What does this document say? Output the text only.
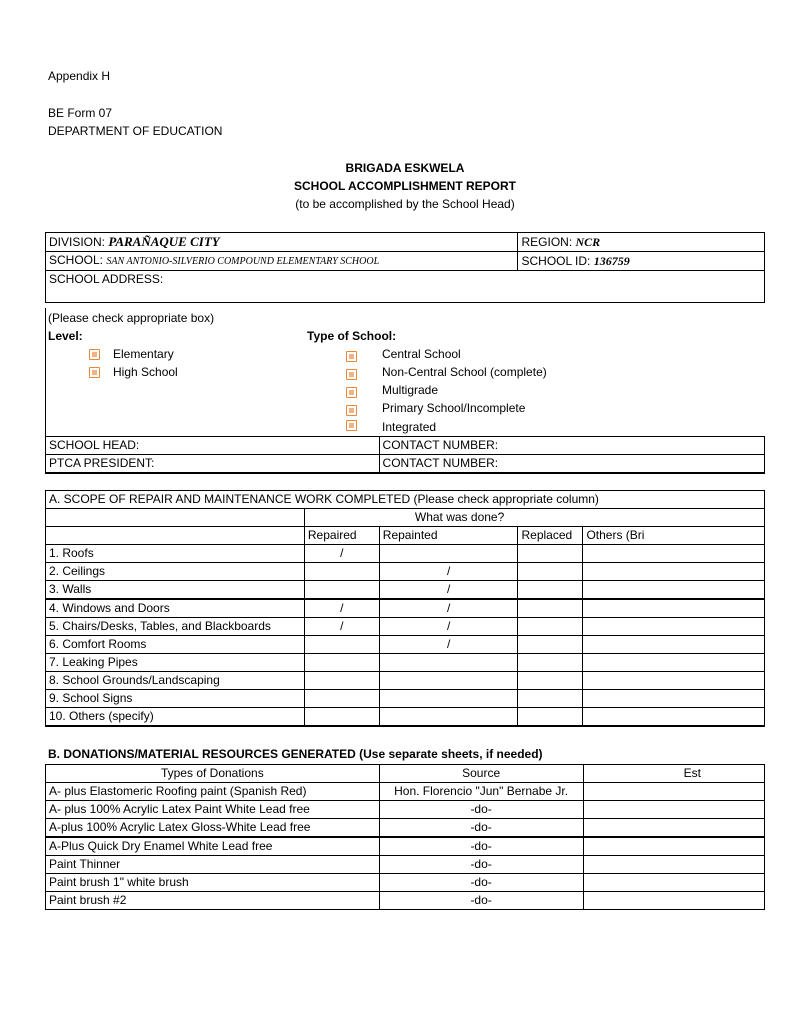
Appendix H
BE Form 07
DEPARTMENT OF EDUCATION
BRIGADA ESKWELA
SCHOOL ACCOMPLISHMENT REPORT
(to be accomplished by the School Head)
DIVISION: PARAÑAQUE CITY	REGION: NCR
SCHOOL: SAN ANTONIO-SILVERIO COMPOUND ELEMENTARY SCHOOL	SCHOOL ID: 136759
SCHOOL ADDRESS:	
(Please check appropriate box)
Level:	Type of School:
Elementary
High School
Central School
Non-Central School (complete)
Multigrade
Primary School/Incomplete
Integrated
SCHOOL HEAD:	CONTACT NUMBER:
PTCA PRESIDENT:	CONTACT NUMBER:
A. SCOPE OF REPAIR AND MAINTENANCE WORK COMPLETED (Please check appropriate column)				
	What was done?			
	Repaired	Repainted	Replaced	Others (Bri
1. Roofs	/			
2. Ceilings		/		
3. Walls		/		
4. Windows and Doors	/	/		
5. Chairs/Desks, Tables, and Blackboards	/	/		
6. Comfort Rooms		/		
7. Leaking Pipes				
8. School Grounds/Landscaping				
9. School Signs				
10. Others (specify)				
B. DONATIONS/MATERIAL RESOURCES GENERATED (Use separate sheets, if needed)
Types of Donations	Source	Est
A- plus Elastomeric Roofing paint (Spanish Red)	Hon. Florencio "Jun" Bernabe Jr.	
A- plus 100% Acrylic Latex Paint White Lead free	-do-	
A-plus 100% Acrylic Latex Gloss-White Lead free	-do-	
A-Plus Quick Dry Enamel White Lead free	-do-	
Paint Thinner	-do-	
Paint brush 1" white brush	-do-	
Paint brush #2	-do-	
